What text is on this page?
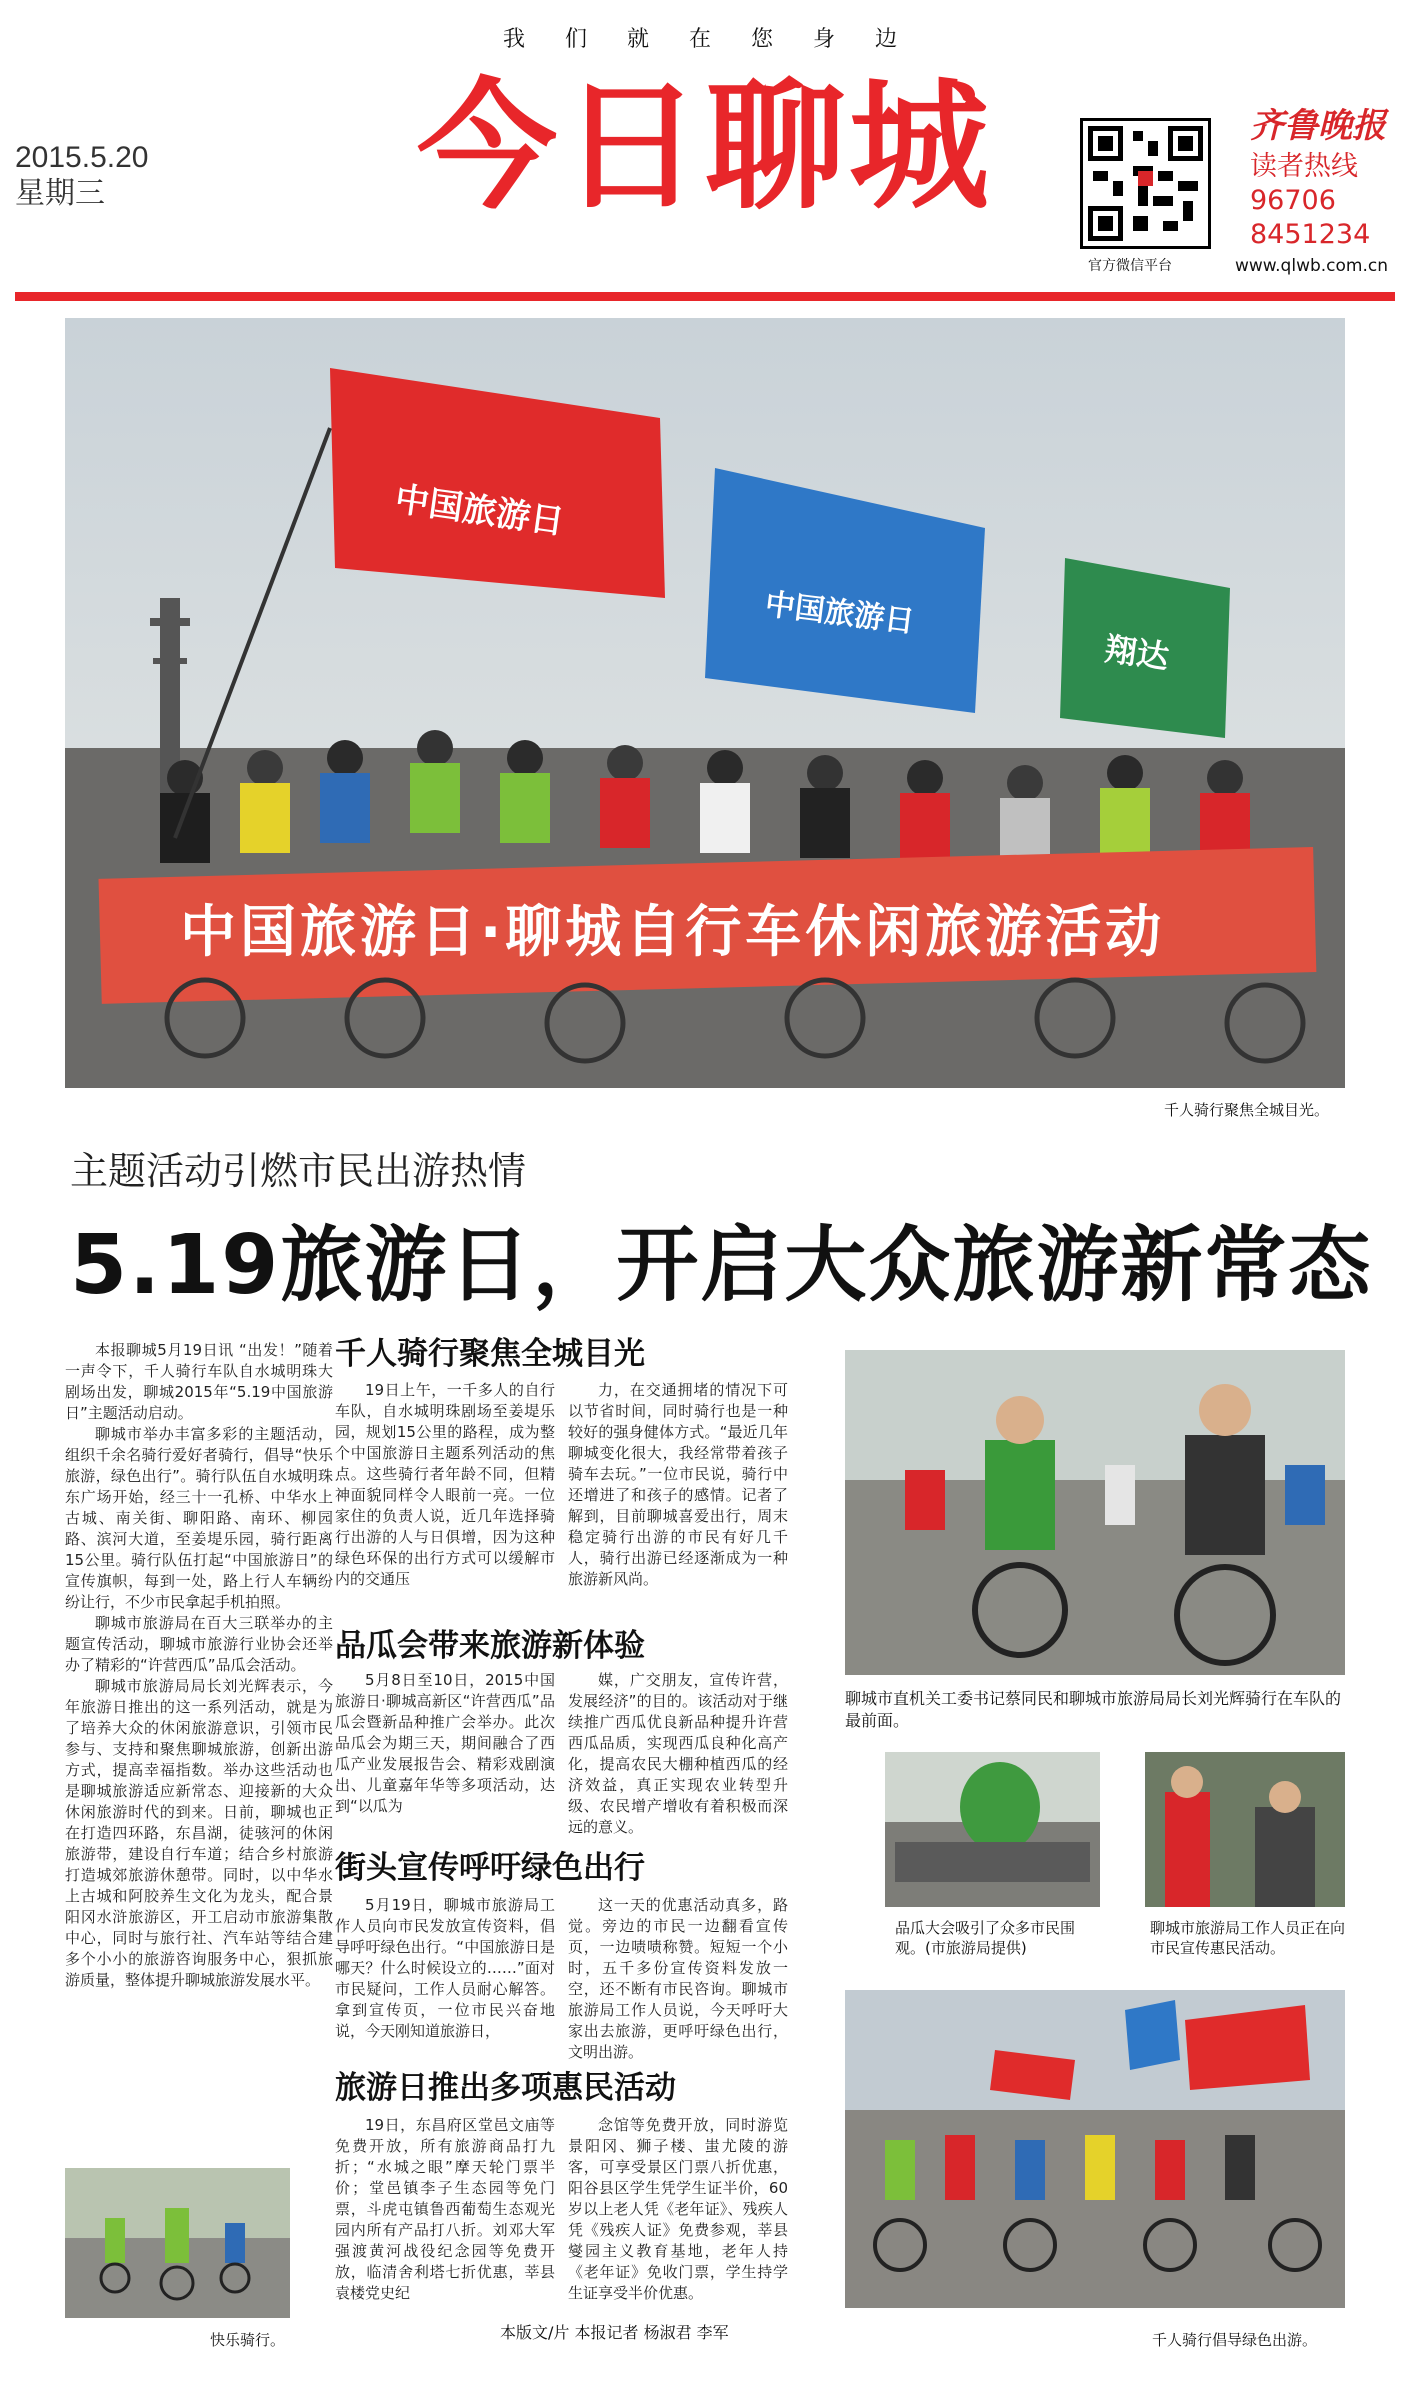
我们就在您身边
2015.5.20
星期三	今日聊城
官方微信平台
齐鲁晚报
读者热线
96706
8451234
www.qlwb.com.cn
中国旅游日
中国旅游日
翔达
中国旅游日·聊城自行车休闲旅游活动
千人骑行聚焦全城目光。
主题活动引燃市民出游热情
5.19旅游日，开启大众旅游新常态

本报聊城5月19日讯 “出发！”随着一声令下，千人骑行车队自水城明珠大剧场出发，聊城2015年“5.19中国旅游日”主题活动启动。

聊城市举办丰富多彩的主题活动，组织千余名骑行爱好者骑行，倡导“快乐旅游，绿色出行”。骑行队伍自水城明珠东广场开始，经三十一孔桥、中华水上古城、南关街、聊阳路、南环、柳园路、滨河大道，至姜堤乐园，骑行距离15公里。骑行队伍打起“中国旅游日”的宣传旗帜，每到一处，路上行人车辆纷纷让行，不少市民拿起手机拍照。

聊城市旅游局在百大三联举办的主题宣传活动，聊城市旅游行业协会还举办了精彩的“许营西瓜”品瓜会活动。

聊城市旅游局局长刘光辉表示，今年旅游日推出的这一系列活动，就是为了培养大众的休闲旅游意识，引领市民参与、支持和聚焦聊城旅游，创新出游方式，提高幸福指数。举办这些活动也是聊城旅游适应新常态、迎接新的大众休闲旅游时代的到来。日前，聊城也正在打造四环路，东昌湖，徒骇河的休闲旅游带，建设自行车道；结合乡村旅游打造城郊旅游休憩带。同时，以中华水上古城和阿胶养生文化为龙头，配合景阳冈水浒旅游区，开工启动市旅游集散中心，同时与旅行社、汽车站等结合建多个小小的旅游咨询服务中心，狠抓旅游质量，整体提升聊城旅游发展水平。

快乐骑行。
千人骑行聚焦全城目光
19日上午，一千多人的自行车队，自水城明珠剧场至姜堤乐园，规划15公里的路程，成为整个中国旅游日主题系列活动的焦点。这些骑行者年龄不同，但精神面貌同样令人眼前一亮。一位家住的负责人说，近几年选择骑行出游的人与日俱增，因为这种绿色环保的出行方式可以缓解市内的交通压
力，在交通拥堵的情况下可以节省时间，同时骑行也是一种较好的强身健体方式。“最近几年聊城变化很大，我经常带着孩子骑车去玩。”一位市民说，骑行中还增进了和孩子的感情。记者了解到，目前聊城喜爱出行，周末稳定骑行出游的市民有好几千人，骑行出游已经逐渐成为一种旅游新风尚。
品瓜会带来旅游新体验
5月8日至10日，2015中国旅游日·聊城高新区“许营西瓜”品瓜会暨新品种推广会举办。此次品瓜会为期三天，期间融合了西瓜产业发展报告会、精彩戏剧演出、儿童嘉年华等多项活动，达到“以瓜为
媒，广交朋友，宣传许营，发展经济”的目的。该活动对于继续推广西瓜优良新品种提升许营西瓜品质，实现西瓜良种化高产化，提高农民大棚种植西瓜的经济效益，真正实现农业转型升级、农民增产增收有着积极而深远的意义。
街头宣传呼吁绿色出行
5月19日，聊城市旅游局工作人员向市民发放宣传资料，倡导呼吁绿色出行。“中国旅游日是哪天？什么时候设立的……”面对市民疑问，工作人员耐心解答。拿到宣传页，一位市民兴奋地说，今天刚知道旅游日，
这一天的优惠活动真多，路觉。旁边的市民一边翻看宣传页，一边啧啧称赞。短短一个小时，五千多份宣传资料发放一空，还不断有市民咨询。聊城市旅游局工作人员说，今天呼吁大家出去旅游，更呼吁绿色出行，文明出游。
旅游日推出多项惠民活动
19日，东昌府区堂邑文庙等免费开放，所有旅游商品打九折；“水城之眼”摩天轮门票半价；堂邑镇李子生态园等免门票，斗虎屯镇鲁西葡萄生态观光园内所有产品打八折。刘邓大军强渡黄河战役纪念园等免费开放，临清舍利塔七折优惠，莘县袁楼党史纪
念馆等免费开放，同时游览景阳冈、狮子楼、蚩尤陵的游客，可享受景区门票八折优惠，阳谷县区学生凭学生证半价，60岁以上老人凭《老年证》、残疾人凭《残疾人证》免费参观，莘县燮园主义教育基地，老年人持《老年证》免收门票，学生持学生证享受半价优惠。
本版文/片 本报记者 杨淑君 李军
聊城市直机关工委书记蔡同民和聊城市旅游局局长刘光辉骑行在车队的最前面。
品瓜大会吸引了众多市民围观。(市旅游局提供)
聊城市旅游局工作人员正在向市民宣传惠民活动。
千人骑行倡导绿色出游。
